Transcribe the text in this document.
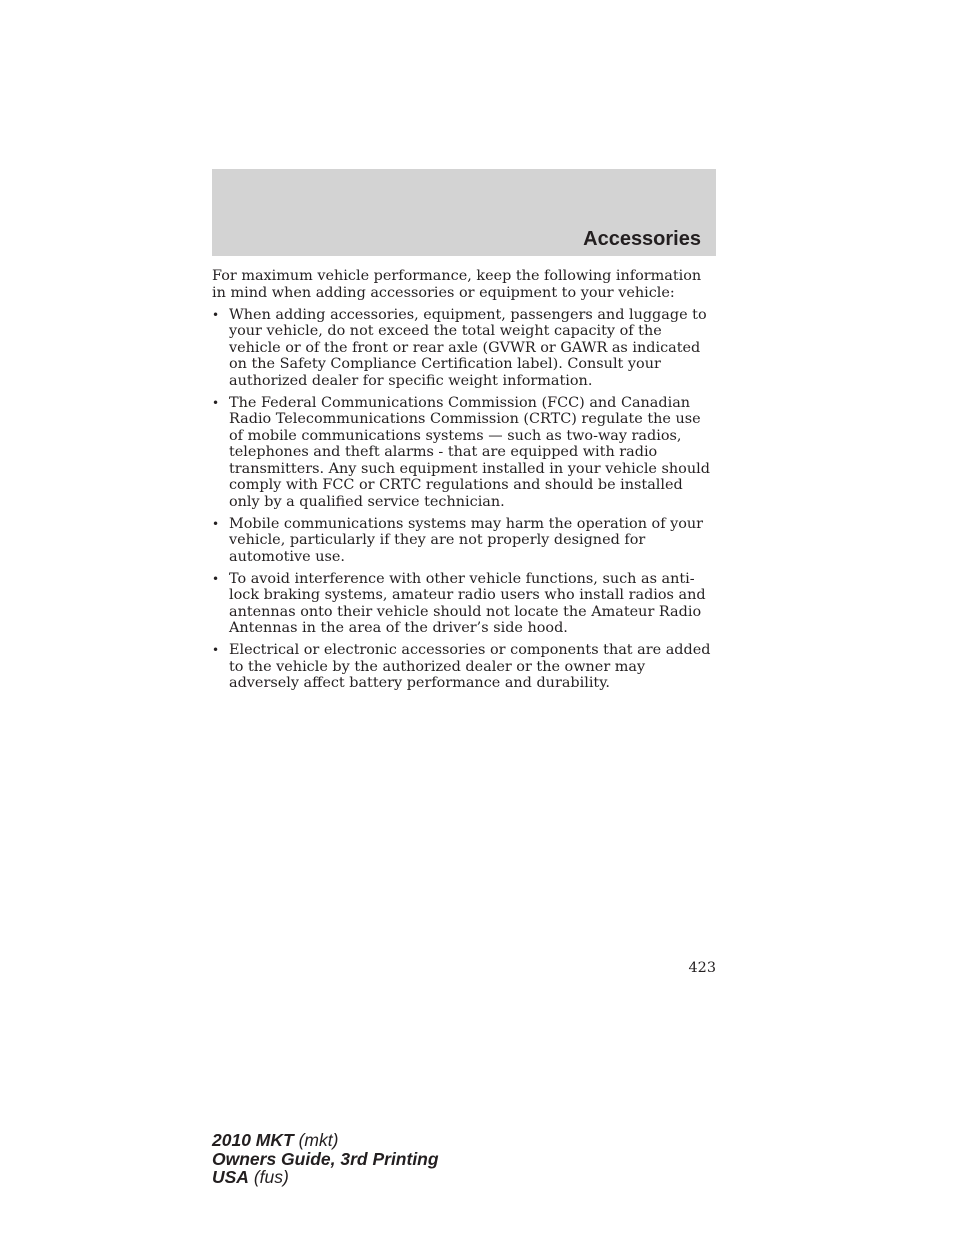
Accessories

For maximum vehicle performance, keep the following information in mind when adding accessories or equipment to your vehicle:

• When adding accessories, equipment, passengers and luggage to your vehicle, do not exceed the total weight capacity of the vehicle or of the front or rear axle (GVWR or GAWR as indicated on the Safety Compliance Certification label). Consult your authorized dealer for specific weight information.
• The Federal Communications Commission (FCC) and Canadian Radio Telecommunications Commission (CRTC) regulate the use of mobile communications systems — such as two-way radios, telephones and theft alarms - that are equipped with radio transmitters. Any such equipment installed in your vehicle should comply with FCC or CRTC regulations and should be installed only by a qualified service technician.
• Mobile communications systems may harm the operation of your vehicle, particularly if they are not properly designed for automotive use.
• To avoid interference with other vehicle functions, such as anti-lock braking systems, amateur radio users who install radios and antennas onto their vehicle should not locate the Amateur Radio Antennas in the area of the driver’s side hood.
• Electrical or electronic accessories or components that are added to the vehicle by the authorized dealer or the owner may adversely affect battery performance and durability.
423
2010 MKT (mkt)
Owners Guide, 3rd Printing
USA (fus)
